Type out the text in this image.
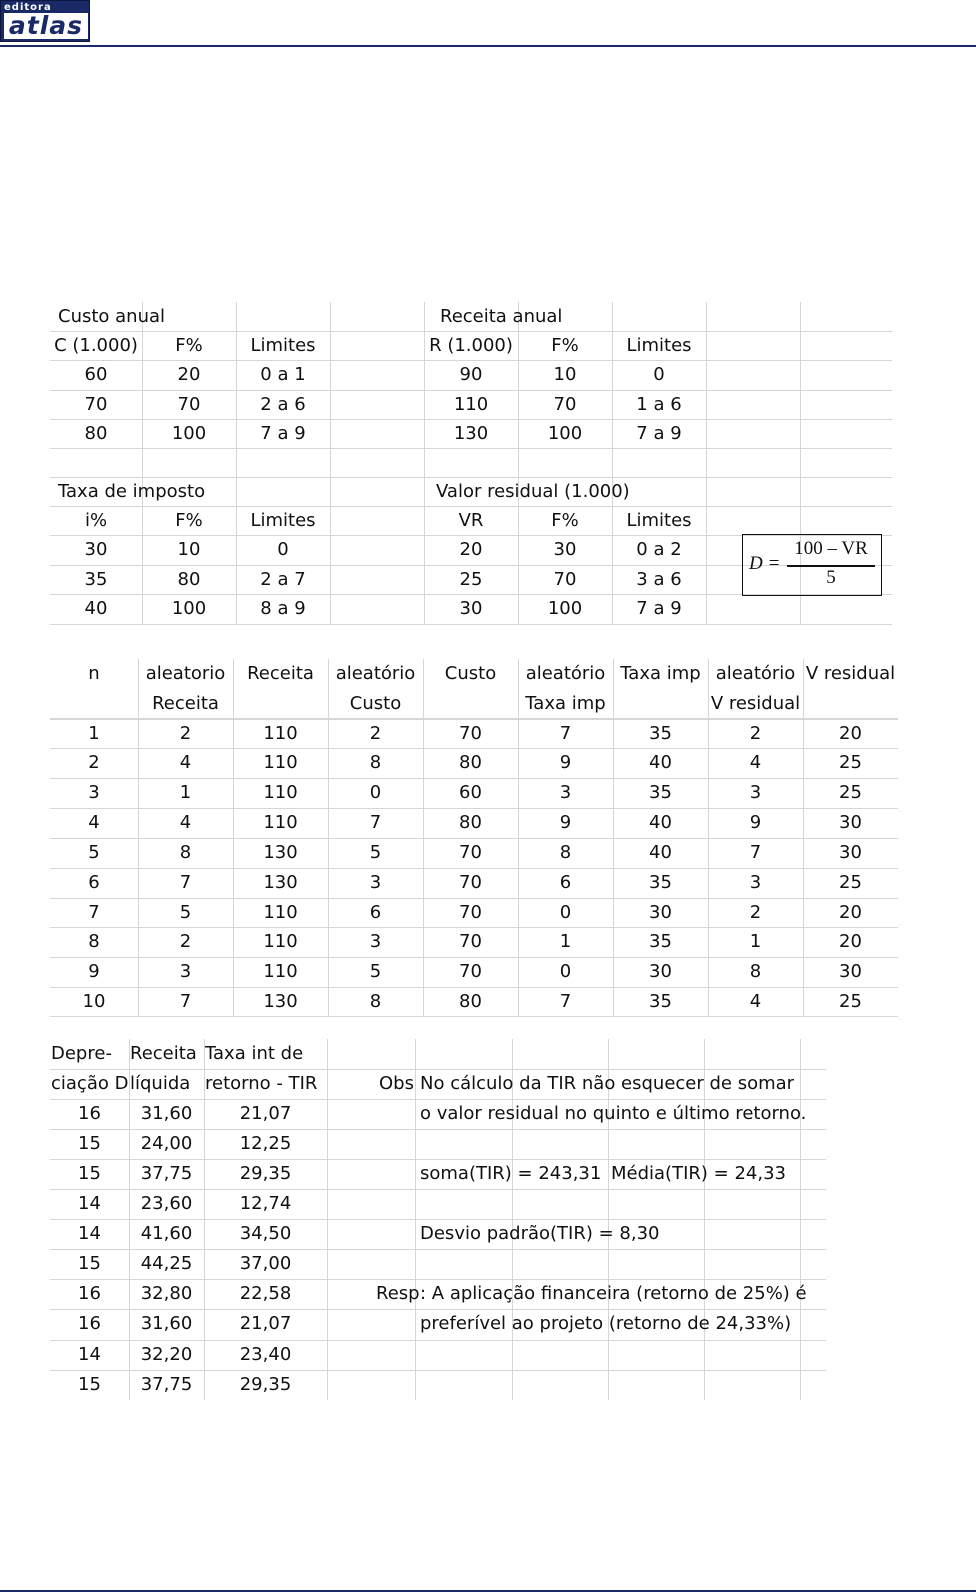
editora
atlas
Custo anual
C (1.000)
60
70
80
F%
20
70
100
Limites
0 a 1
2 a 6
7 a 9
Taxa de imposto
i%
30
35
40
F%
10
80
100
Limites
0
2 a 7
8 a 9
Receita anual
R (1.000)
90
110
130
F%
10
70
100
Limites
0
1 a 6
7 a 9
Valor residual (1.000)
VR
20
25
30
F%
30
70
100
Limites
0 a 2
3 a 6
7 a 9
n
1
2
3
4
5
6
7
8
9
10
aleatorio
Receita
2
4
1
4
8
7
5
2
3
7
Receita
110
110
110
110
130
130
110
110
110
130
aleatório
Custo
2
8
0
7
5
3
6
3
5
8
Custo
70
80
60
80
70
70
70
70
70
80
aleatório
Taxa imp
7
9
3
9
8
6
0
1
0
7
Taxa imp
35
40
35
40
40
35
30
35
30
35
aleatório
V residual
2
4
3
9
7
3
2
1
8
4
V residual
20
25
25
30
30
25
20
20
30
25
Depre-
ciação D
16
15
15
14
14
15
16
16
14
15
Receita
líquida
31,60
24,00
37,75
23,60
41,60
44,25
32,80
31,60
32,20
37,75
Taxa int de
retorno - TIR
21,07
12,25
29,35
12,74
34,50
37,00
22,58
21,07
23,40
29,35
Obs No cálculo da TIR não esquecer de somar
o valor residual no quinto e último retorno.
soma(TIR) = 243,31 Média(TIR) = 24,33
Desvio padrão(TIR) = 8,30
Resp : A aplicação financeira (retorno de 25%) é
preferível ao projeto (retorno de 24,33%)
D =
100 – VR
5
